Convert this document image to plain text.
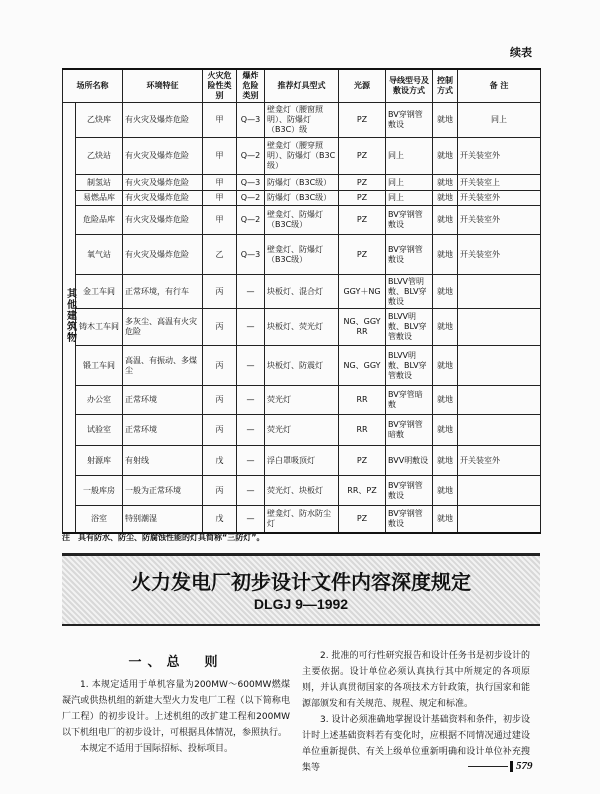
续表
场所名称		环境特征	火灾危险性类别	爆炸危险类别	推荐灯具型式	光源	导线型号及敷设方式	控制方式	备 注
其他建筑物	乙炔库	有火灾及爆炸危险	甲	Q—3	壁龛灯（腰窗照明）、防爆灯（B3C）级	PZ	BV穿钢管敷设	就地	同上
	乙炔站	有火灾及爆炸危险	甲	Q—2	壁龛灯（腰穿照明）、防爆灯（B3C级）	PZ	同上	就地	开关装室外
	制氢站	有火灾及爆炸危险	甲	Q—3	防爆灯（B3C级）	PZ	同上	就地	开关装室上
	易燃品库	有火灾及爆炸危险	甲	Q—2	防爆灯（B3C级）	PZ	同上	就地	开关装室外
	危险品库	有火灾及爆炸危险	甲	Q—2	壁龛灯、防爆灯（B3C级）	PZ	BV穿钢管敷设	就地	开关装室外
	氧气站	有火灾及爆炸危险	乙	Q—3	壁龛灯、防爆灯（B3C级）	PZ	BV穿钢管敷设	就地	开关装室外
	金工车间	正常环境，有行车	丙	—	块板灯、混合灯	GGY＋NG	BLVV管明敷、BLV穿敷设	就地	
	铸木工车间	多灰尘、高温有火灾危险	丙	—	块板灯、荧光灯	NG、GGY RR	BLVV明敷、BLV穿管敷设	就地	
	锻工车间	高温、有振动、多煤尘	丙	—	块板灯、防震灯	NG、GGY	BLVV明敷、BLV穿管敷设	就地	
	办公室	正常环境	丙	—	荧光灯	RR	BV穿管暗敷	就地	
	试验室	正常环境	丙	—	荧光灯	RR	BV穿钢管暗敷	就地	
	射源库	有射线	戊	—	浮白罩吸顶灯	PZ	BVV明敷设	就地	开关装室外
	一般库房	一般为正常环境	丙	—	荧光灯、块板灯	RR、PZ	BV穿钢管敷设	就地	
	浴室	特别潮湿	戊	—	壁龛灯、防水防尘灯	PZ	BV穿钢管敷设	就地	
注　具有防水、防尘、防腐蚀性能的灯具简称“三防灯”。
火力发电厂初步设计文件内容深度规定
DLGJ 9—1992
一、总　则

1. 本规定适用于单机容量为200MW～600MW燃煤凝汽或供热机组的新建大型火力发电厂工程（以下简称电厂工程）的初步设计。上述机组的改扩建工程和200MW以下机组电厂的初步设计，可根据具体情况，参照执行。

本规定不适用于国际招标、投标项目。

2. 批准的可行性研究报告和设计任务书是初步设计的主要依据。设计单位必须认真执行其中所规定的各项原则，并认真贯彻国家的各项技术方针政策，执行国家和能源部颁发和有关规范、规程、规定和标准。

3. 设计必须准确地掌握设计基础资料和条件，初步设计时上述基础资料若有变化时，应根据不同情况通过建设单位重新提供、有关上级单位重新明确和设计单位补充搜集等	579
